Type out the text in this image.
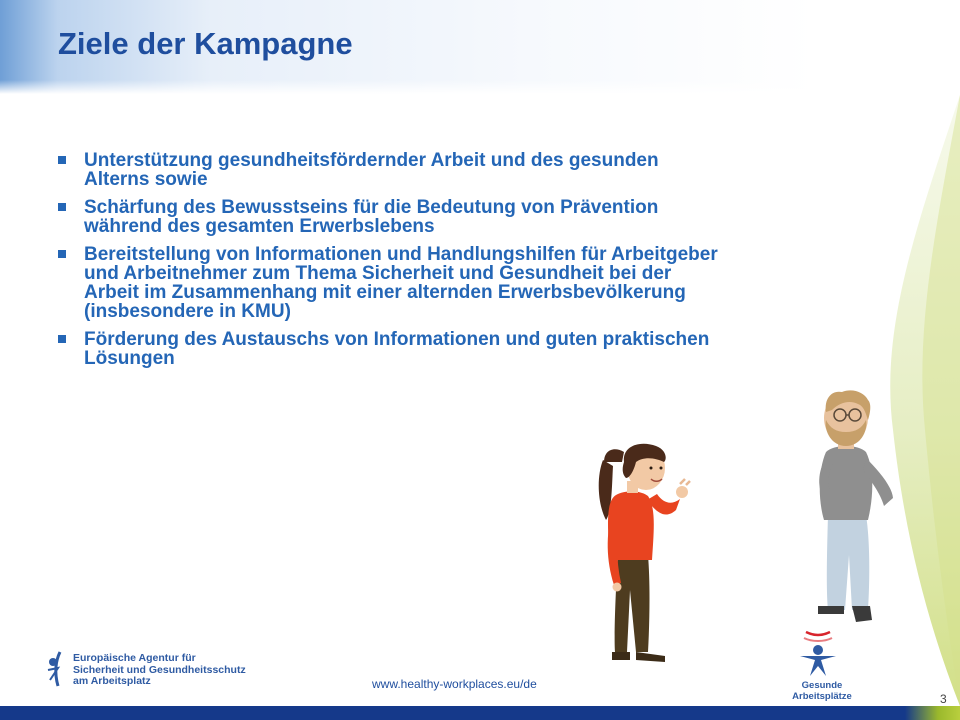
Ziele der Kampagne
Unterstützung gesundheitsfördernder Arbeit und des gesunden
Alterns sowie
Schärfung des Bewusstseins für die Bedeutung von Prävention
während des gesamten Erwerbslebens
Bereitstellung von Informationen und Handlungshilfen für Arbeitgeber
und Arbeitnehmer zum Thema Sicherheit und Gesundheit bei der
Arbeit im Zusammenhang mit einer alternden Erwerbsbevölkerung
(insbesondere in KMU)
Förderung des Austauschs von Informationen und guten praktischen
Lösungen
Europäische Agentur für
Sicherheit und Gesundheitsschutz
am Arbeitsplatz	Gesunde Arbeitsplätze
www.healthy-workplaces.eu/de
3
